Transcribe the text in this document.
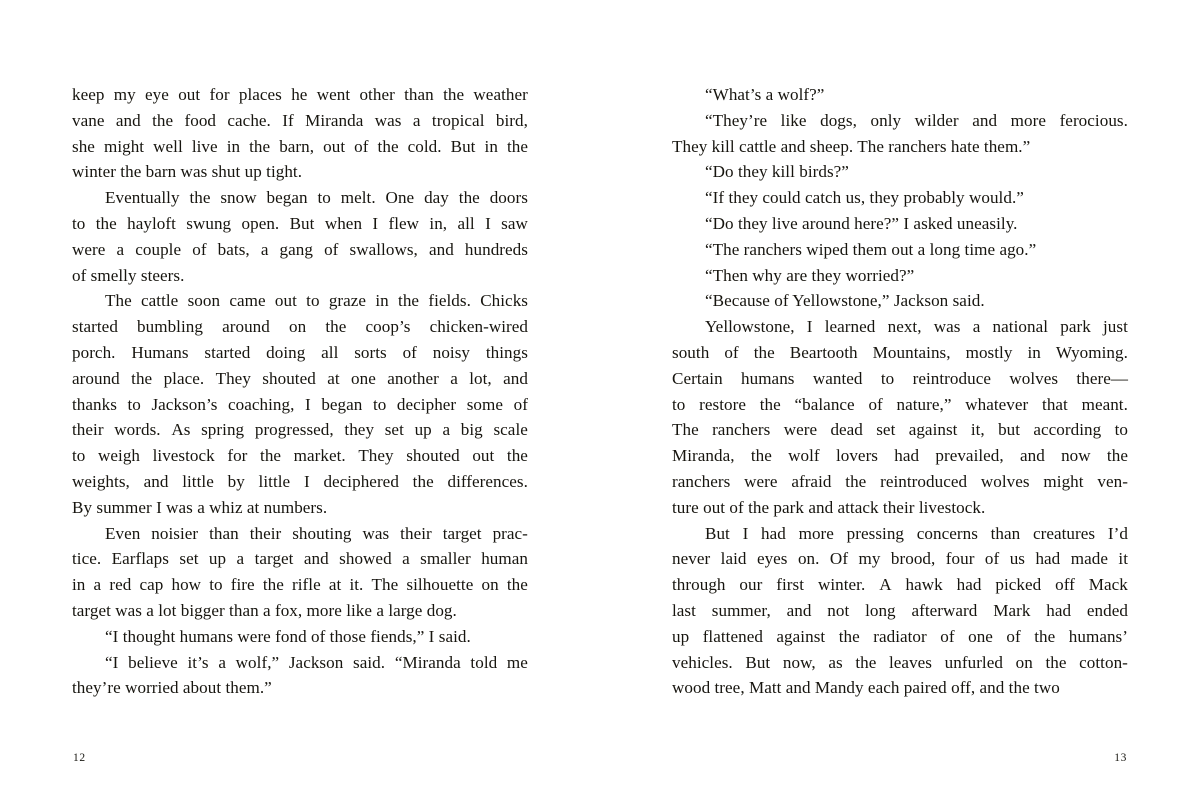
keep my eye out for places he went other than the weather
vane and the food cache. If Miranda was a tropical bird,
she might well live in the barn, out of the cold. But in the
winter the barn was shut up tight.
Eventually the snow began to melt. One day the doors
to the hayloft swung open. But when I flew in, all I saw
were a couple of bats, a gang of swallows, and hundreds
of smelly steers.
The cattle soon came out to graze in the fields. Chicks
started bumbling around on the coop’s chicken-wired
porch. Humans started doing all sorts of noisy things
around the place. They shouted at one another a lot, and
thanks to Jackson’s coaching, I began to decipher some of
their words. As spring progressed, they set up a big scale
to weigh livestock for the market. They shouted out the
weights, and little by little I deciphered the differences.
By summer I was a whiz at numbers.
Even noisier than their shouting was their target prac-
tice. Earflaps set up a target and showed a smaller human
in a red cap how to fire the rifle at it. The silhouette on the
target was a lot bigger than a fox, more like a large dog.
“I thought humans were fond of those fiends,” I said.
“I believe it’s a wolf,” Jackson said. “Miranda told me
they’re worried about them.”
12
“What’s a wolf?”
“They’re like dogs, only wilder and more ferocious.
They kill cattle and sheep. The ranchers hate them.”
“Do they kill birds?”
“If they could catch us, they probably would.”
“Do they live around here?” I asked uneasily.
“The ranchers wiped them out a long time ago.”
“Then why are they worried?”
“Because of Yellowstone,” Jackson said.
Yellowstone, I learned next, was a national park just
south of the Beartooth Mountains, mostly in Wyoming.
Certain humans wanted to reintroduce wolves there—
to restore the “balance of nature,” whatever that meant.
The ranchers were dead set against it, but according to
Miranda, the wolf lovers had prevailed, and now the
ranchers were afraid the reintroduced wolves might ven-
ture out of the park and attack their livestock.
But I had more pressing concerns than creatures I’d
never laid eyes on. Of my brood, four of us had made it
through our first winter. A hawk had picked off Mack
last summer, and not long afterward Mark had ended
up flattened against the radiator of one of the humans’
vehicles. But now, as the leaves unfurled on the cotton-
wood tree, Matt and Mandy each paired off, and the two
13
